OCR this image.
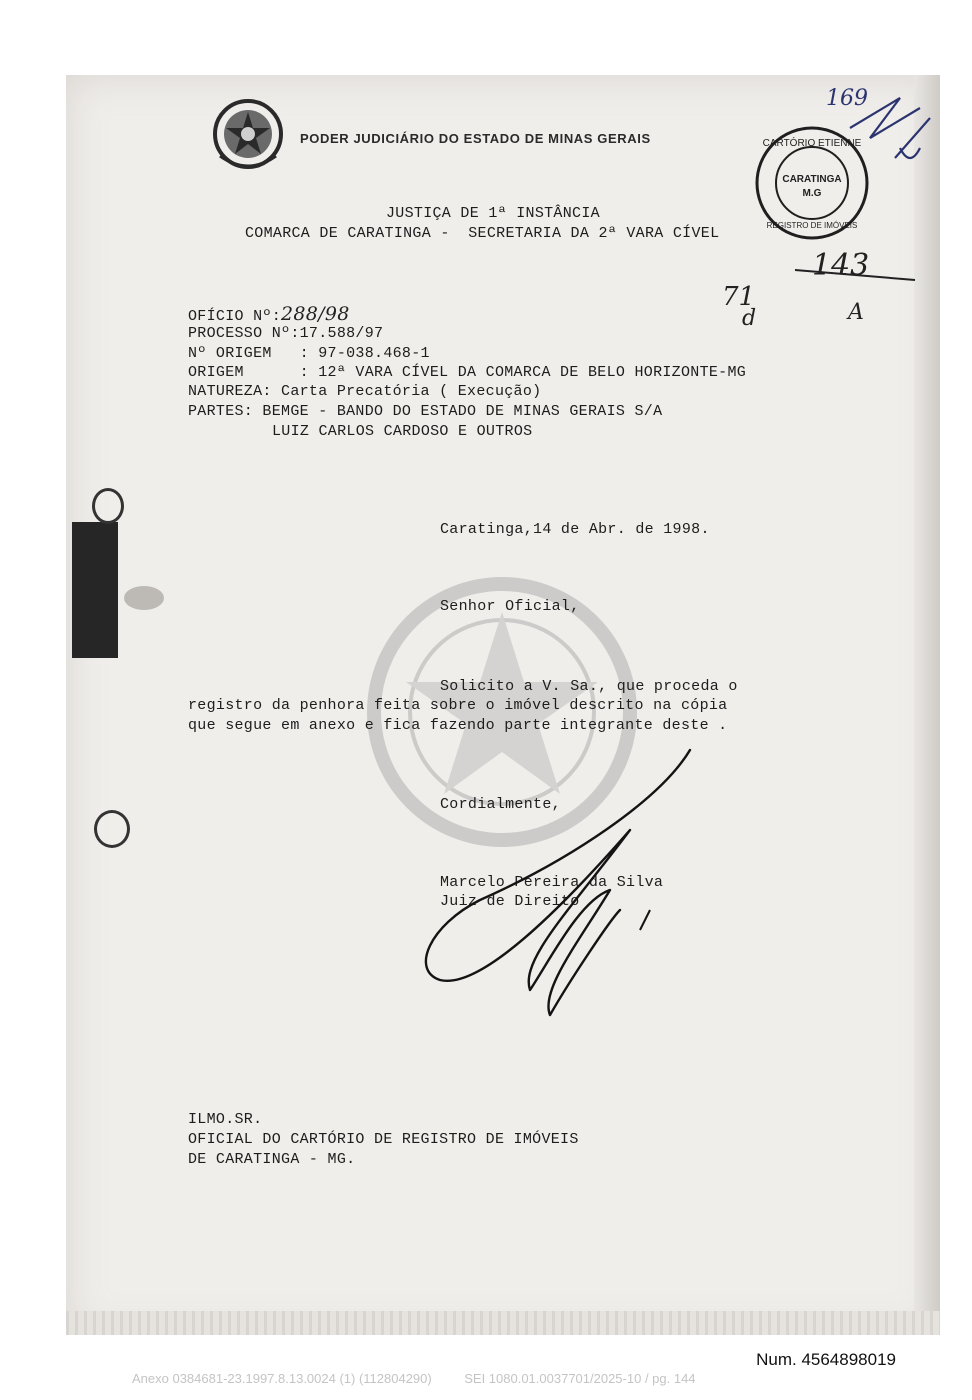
PODER JUDICIÁRIO DO ESTADO DE MINAS GERAIS
JUSTIÇA DE 1ª INSTÂNCIA
COMARCA DE CARATINGA -  SECRETARIA DA 2ª VARA CÍVEL
CARTÓRIO ETIENNE
CARATINGA
M.G
REGISTRO DE IMÓVEIS
169
143
A
71
d
OFÍCIO Nº:288/98
PROCESSO Nº:17.588/97
Nº ORIGEM   : 97-038.468-1
ORIGEM      : 12ª VARA CÍVEL DA COMARCA DE BELO HORIZONTE-MG
NATUREZA: Carta Precatória ( Execução)
PARTES: BEMGE - BANDO DO ESTADO DE MINAS GERAIS S/A
LUIZ CARLOS CARDOSO E OUTROS
Caratinga,14 de Abr. de 1998.
Senhor Oficial,
Solicito a V. Sa., que proceda o
registro da penhora feita sobre o imóvel descrito na cópia
que segue em anexo e fica fazendo parte integrante deste .
Cordialmente,
Marcelo Pereira da Silva
Juiz de Direito
ILMO.SR.
OFICIAL DO CARTÓRIO DE REGISTRO DE IMÓVEIS
DE CARATINGA - MG.
Num. 4564898019
Anexo 0384681-23.1997.8.13.0024 (1) (112804290)         SEI 1080.01.0037701/2025-10 / pg. 144
